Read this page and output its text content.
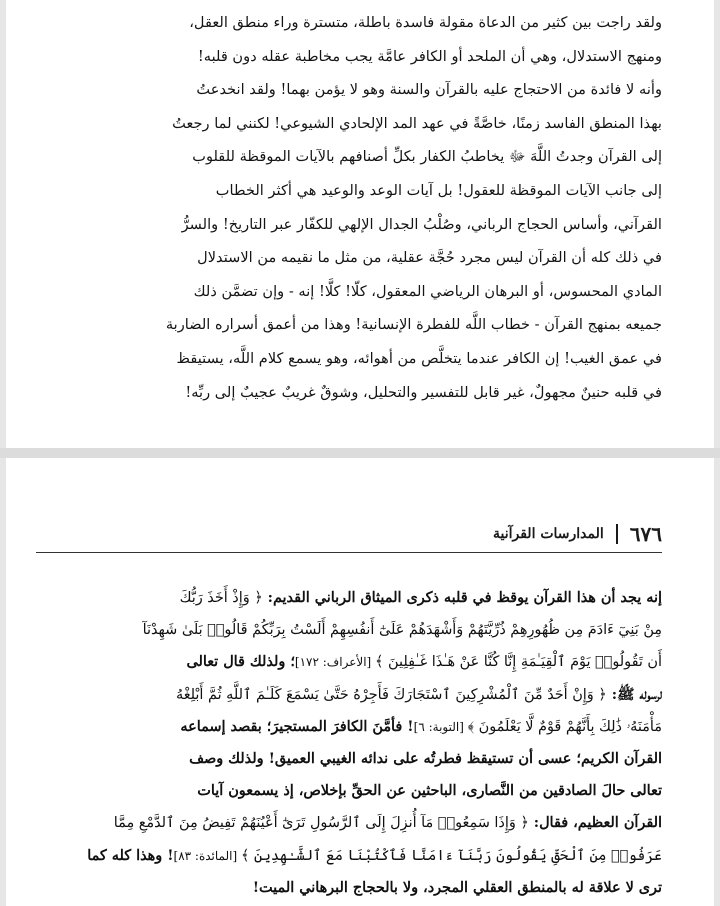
ولقد راجت بين كثير من الدعاة مقولة فاسدة باطلة، متسترة وراء منطق العقل،

ومنهج الاستدلال، وهي أن الملحد أو الكافر عامَّة يجب مخاطبة عقله دون قلبه!

وأنه لا فائدة من الاحتجاج عليه بالقرآن والسنة وهو لا يؤمن بهما! ولقد انخدعتُ

بهذا المنطق الفاسد زمنًا، خاصَّةً في عهد المد الإلحادي الشيوعي! لكنني لما رجعتُ

إلى القرآن وجدتُ اللَّهَ ﷻ يخاطبُ الكفار بكلِّ أصنافهم بالآيات الموقظة للقلوب

إلى جانب الآيات الموقظة للعقول! بل آيات الوعد والوعيد هي أكثر الخطاب

القرآني، وأساس الحجاج الرباني، وصُلْبُ الجدال الإلهي للكفّار عبر التاريخ! والسرُّ

في ذلك كله أن القرآن ليس مجرد حُجَّة عقلية، من مثل ما نقيمه من الاستدلال

المادي المحسوس، أو البرهان الرياضي المعقول، كلّا! كلَّا! إنه - وإن تضمَّن ذلك

جميعه بمنهج القرآن - خطاب اللَّه للفطرة الإنسانية! وهذا من أعمق أسراره الضاربة

في عمق الغيب! إن الكافر عندما يتخلَّص من أهوائه، وهو يسمع كلام اللَّه، يستيقظ

في قلبه حنينٌ مجهولٌ، غير قابل للتفسير والتحليل، وشوقٌ غريبٌ عجيبٌ إلى ربِّه!

٦٧٦
المدارسات القرآنية

إنه يجد أن هذا القرآن يوقظ في قلبه ذكرى الميثاق الرباني القديم: ﴿ وَإِذْ أَخَذَ رَبُّكَ

مِنْ بَنِيٓ ءَادَمَ مِن ظُهُورِهِمْ ذُرِّيَّتَهُمْ وَأَشْهَدَهُمْ عَلَىٰٓ أَنفُسِهِمْ أَلَسْتُ بِرَبِّكُمْ قَالُوا۟ بَلَىٰ شَهِدْنَآ

أَن تَقُولُوا۟ يَوْمَ ٱلْقِيَـٰمَةِ إِنَّا كُنَّا عَنْ هَـٰذَا غَـٰفِلِينَ ﴾ [الأعراف: ١٧٢]؛ ولذلك قال تعالى

لرسوله ﷺ: ﴿ وَإِنْ أَحَدٌ مِّنَ ٱلْمُشْرِكِينَ ٱسْتَجَارَكَ فَأَجِرْهُ حَتَّىٰ يَسْمَعَ كَلَـٰمَ ٱللَّهِ ثُمَّ أَبْلِغْهُ

مَأْمَنَهُۥ ذَٰلِكَ بِأَنَّهُمْ قَوْمٌ لَّا يَعْلَمُونَ ﴾ [التوبة: ٦]! فأمَّنَ الكافرَ المستجيرَ؛ بقصد إسماعه

القرآن الكريم؛ عسى أن تستيقظ فطرتُه على ندائه الغيبي العميق! ولذلك وصف

تعالى حالَ الصادقين من النَّصارى، الباحثين عن الحقِّ بإخلاص، إذ يسمعون آيات

القرآن العظيم، فقال: ﴿ وَإِذَا سَمِعُوا۟ مَآ أُنزِلَ إِلَى ٱلرَّسُولِ تَرَىٰٓ أَعْيُنَهُمْ تَفِيضُ مِنَ ٱلدَّمْعِ مِمَّا

عَرَفُوا۟ مِنَ ٱلْحَقِّ يَقُولُونَ رَبَّنَآ ءَامَنَّا فَٱكْتُبْنَا مَعَ ٱلشَّـٰهِدِينَ ﴾ [المائدة: ٨٣]! وهذا كله كما

ترى لا علاقة له بالمنطق العقلي المجرد، ولا بالحجاج البرهاني الميت!
